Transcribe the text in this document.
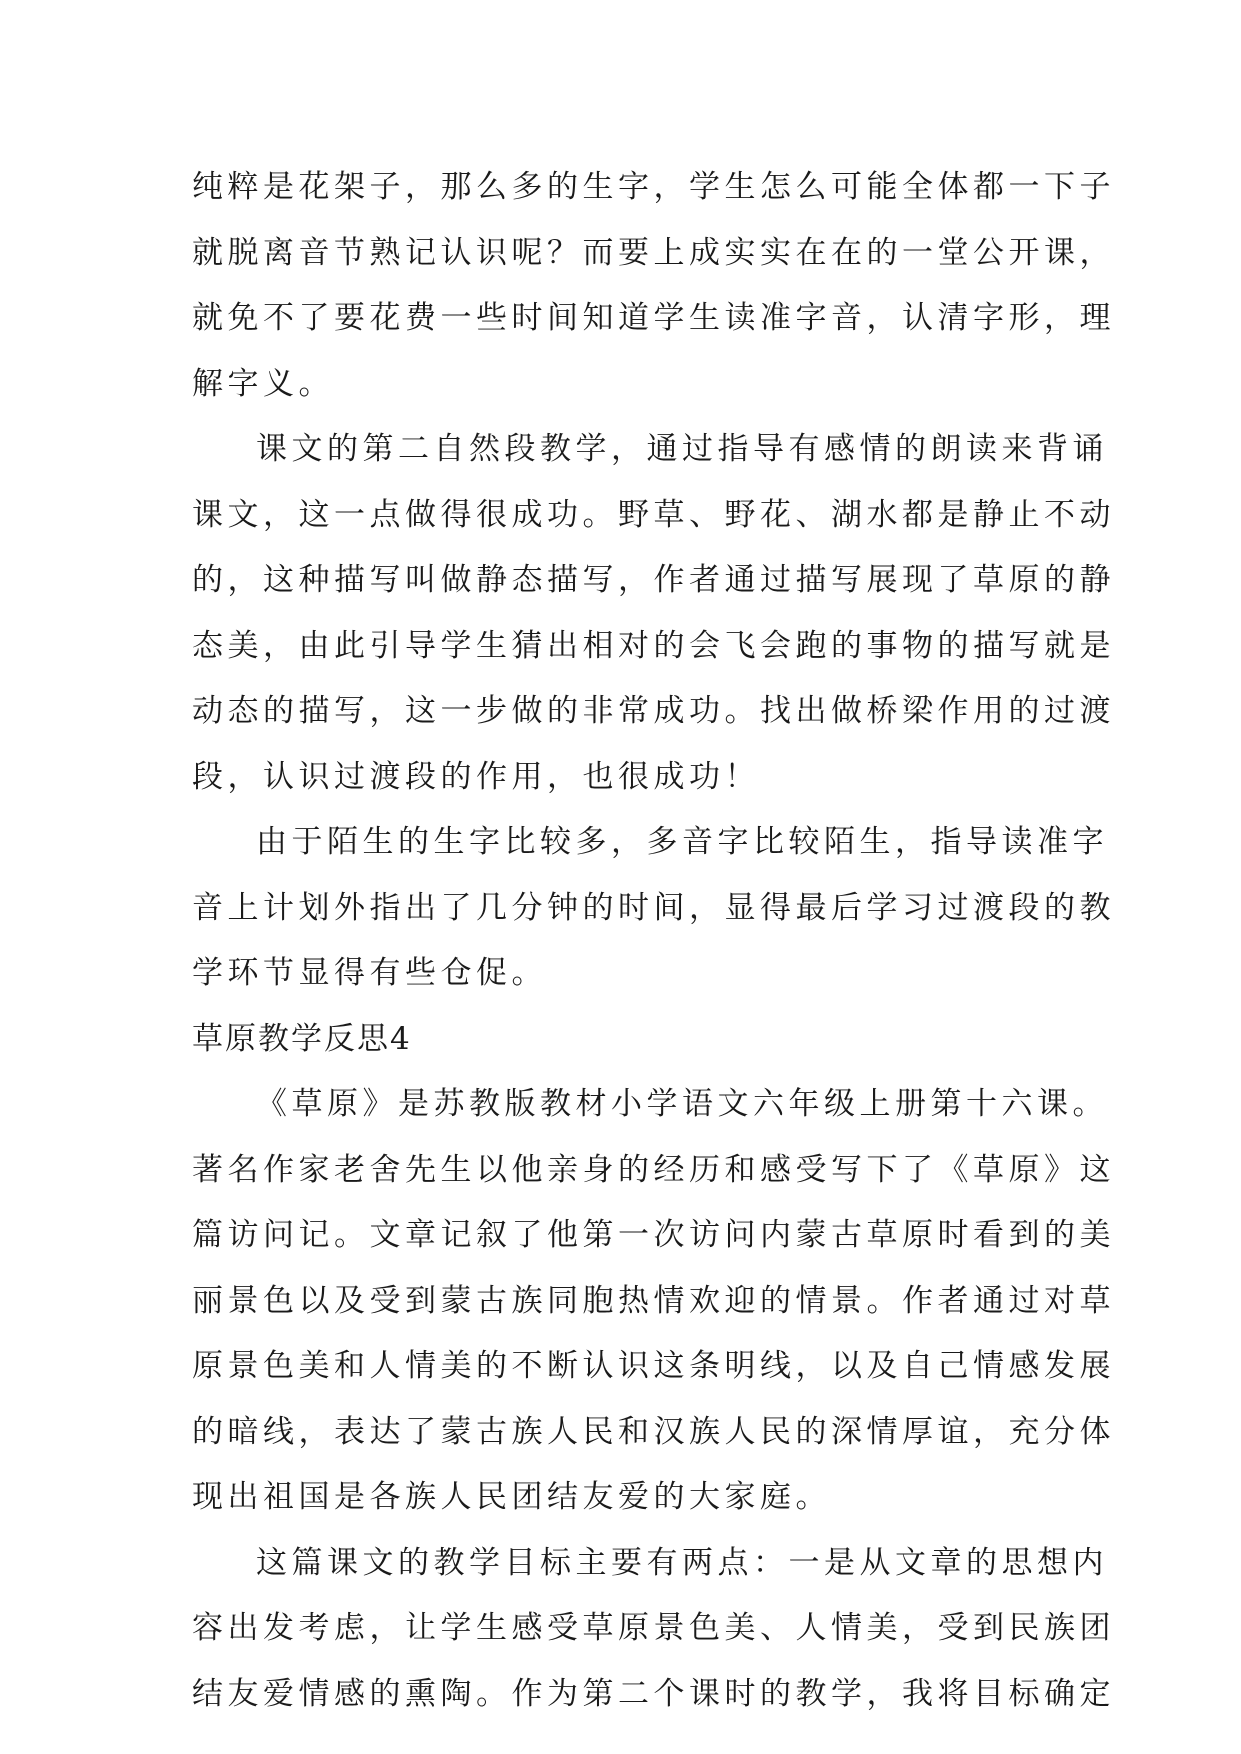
纯粹是花架子，那么多的生字，学生怎么可能全体都一下子
就脱离音节熟记认识呢？而要上成实实在在的一堂公开课，
就免不了要花费一些时间知道学生读准字音，认清字形，理
解字义。
课文的第二自然段教学，通过指导有感情的朗读来背诵
课文，这一点做得很成功。野草、野花、湖水都是静止不动
的，这种描写叫做静态描写，作者通过描写展现了草原的静
态美，由此引导学生猜出相对的会飞会跑的事物的描写就是
动态的描写，这一步做的非常成功。找出做桥梁作用的过渡
段，认识过渡段的作用，也很成功！
由于陌生的生字比较多，多音字比较陌生，指导读准字
音上计划外指出了几分钟的时间，显得最后学习过渡段的教
学环节显得有些仓促。
草原教学反思4
《草原》是苏教版教材小学语文六年级上册第十六课。
著名作家老舍先生以他亲身的经历和感受写下了《草原》这
篇访问记。文章记叙了他第一次访问内蒙古草原时看到的美
丽景色以及受到蒙古族同胞热情欢迎的情景。作者通过对草
原景色美和人情美的不断认识这条明线，以及自己情感发展
的暗线，表达了蒙古族人民和汉族人民的深情厚谊，充分体
现出祖国是各族人民团结友爱的大家庭。
这篇课文的教学目标主要有两点：一是从文章的思想内
容出发考虑，让学生感受草原景色美、人情美，受到民族团
结友爱情感的熏陶。作为第二个课时的教学，我将目标确定
